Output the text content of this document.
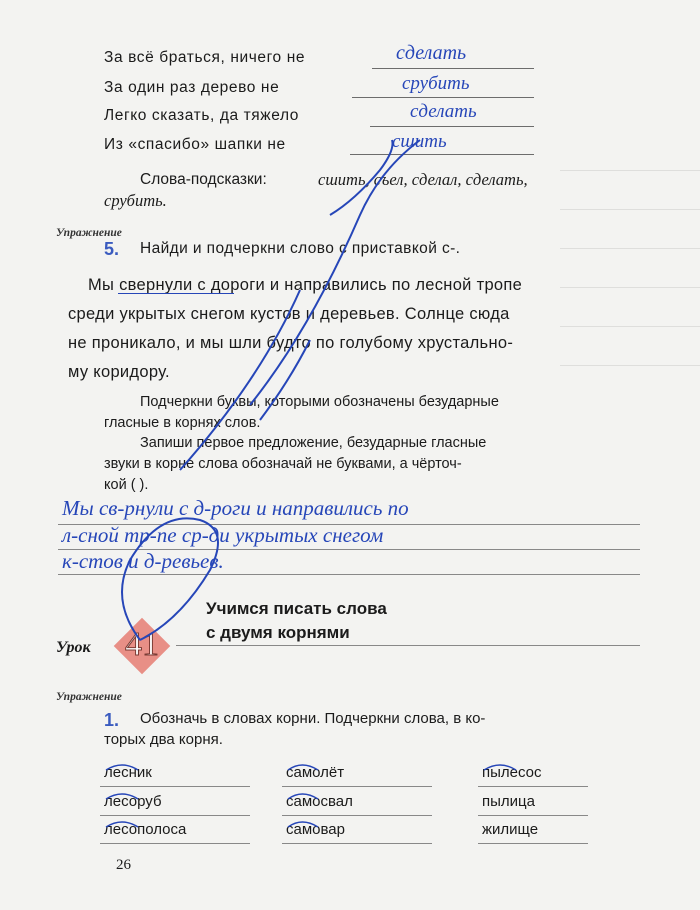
За всё браться, ничего не	сделать
За один раз дерево не	срубить
Легко сказать, да тяжело	сделать
Из «спасибо» шапки не	сшить
Слова-подсказки:	сшить, съел, сделал, сделать,
срубить.
Упражнение
5. Найди и подчеркни слово с приставкой с-.
Мы свернули с дороги и направились по лесной тропе
среди укрытых снегом кустов и деревьев. Солнце сюда
не проникало, и мы шли будто по голубому хрустально-
му коридору.
Подчеркни буквы, которыми обозначены безударные
гласные в корнях слов.
Запиши первое предложение, безударные гласные
звуки в корне слова обозначай не буквами, а чёрточ-
кой ( ).
Мы св-рнули с д-роги и направились по
л-сной тр-пе ср-ди укрытых снегом
к-стов и д-ревьев.
Урок 41
Учимся писать слова
с двумя корнями
Упражнение
1.	Обозначь в словах корни. Подчеркни слова, в ко-
торых два корня.
лесник	самолёт	пылесос
лесоруб	самосвал	пылица
лесополоса	самовар	жилище
26
